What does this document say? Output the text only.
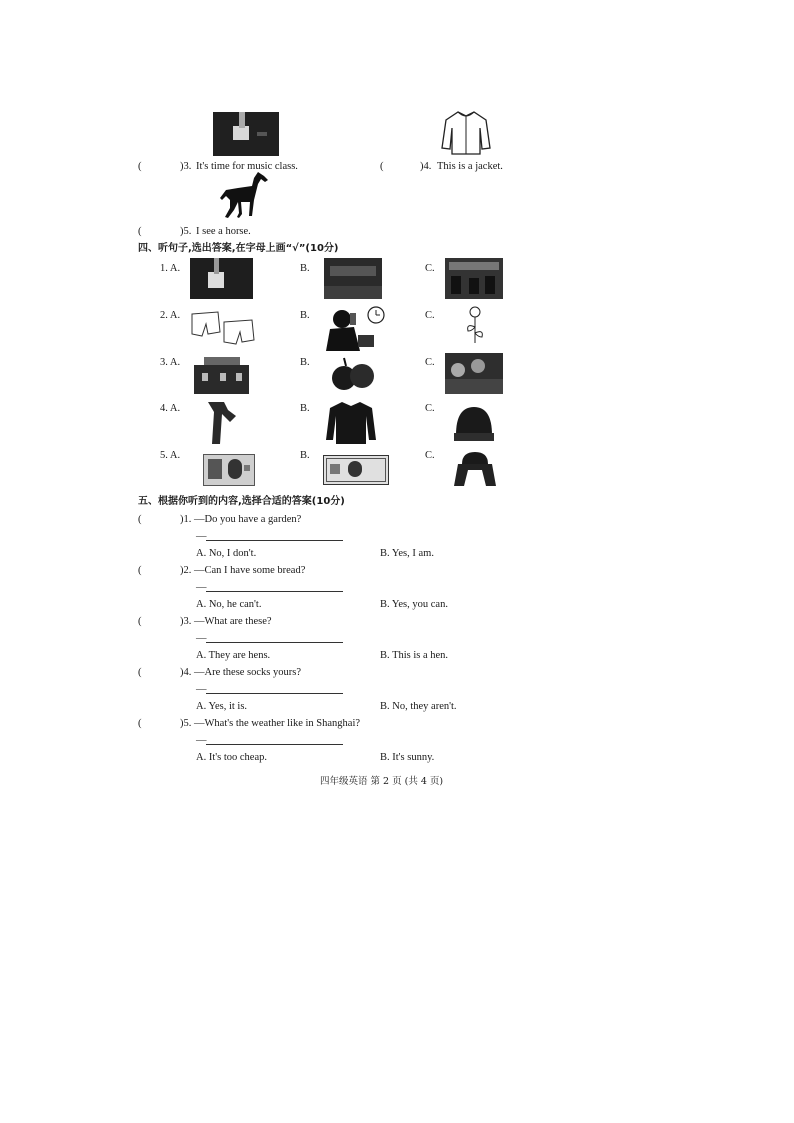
(	)3. It's time for music class.	(	)4. This is a jacket.
(	)5. I see a horse.
四、听句子,选出答案,在字母上画“√”(10分)
1. A.	B.	C.
2. A.	B.	C.
3. A.	B.	C.
4. A.	B.	C.
5. A.	B.	C.
五、根据你听到的内容,选择合适的答案(10分)
(	)1. —Do you have a garden?
—
A. No, I don't.	B. Yes, I am.
(	)2. —Can I have some bread?
—
A. No, he can't.	B. Yes, you can.
(	)3. —What are these?
—
A. They are hens.	B. This is a hen.
(	)4. —Are these socks yours?
—
A. Yes, it is.	B. No, they aren't.
(	)5. —What's the weather like in Shanghai?
—
A. It's too cheap.	B. It's sunny.
四年级英语 第 2 页 (共 4 页)
